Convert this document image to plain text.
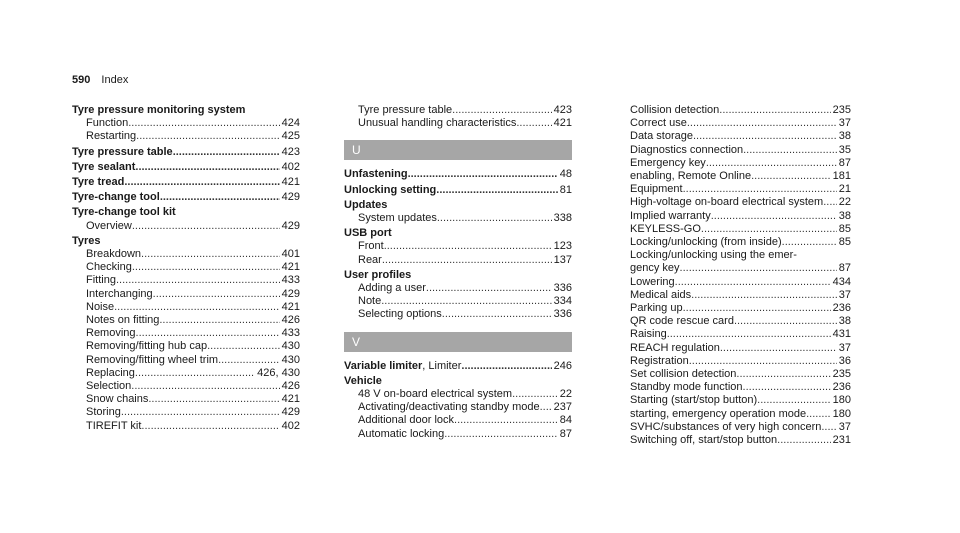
590 Index
Tyre pressure monitoring system
Function .....	424
Restarting .....	425
Tyre pressure table .....	423
Tyre sealant .....	402
Tyre tread .....	421
Tyre-change tool .....	429
Tyre-change tool kit
Overview .....	429
Tyres
Breakdown .....	401
Checking .....	421
Fitting .....	433
Interchanging .....	429
Noise .....	421
Notes on fitting .....	426
Removing .....	433
Removing/fitting hub cap .....	430
Removing/fitting wheel trim .....	430
Replacing .....	426, 430
Selection .....	426
Snow chains .....	421
Storing .....	429
TIREFIT kit .....	402
Tyre pressure table .....	423
Unusual handling characteristics .....	421
U
Unfastening .....	48
Unlocking setting .....	81
Updates
System updates .....	338
USB port
Front .....	123
Rear .....	137
User profiles
Adding a user .....	336
Note .....	334
Selecting options .....	336
V
Variable limiter , Limiter .....	246
Vehicle
48 V on-board electrical system .....	22
Activating/deactivating standby mode ..... 237
Additional door lock .....	84
Automatic locking .....	87
Collision detection .....	235
Correct use .....	37
Data storage .....	38
Diagnostics connection .....	35
Emergency key .....	87
enabling, Remote Online .....	181
Equipment .....	21
High-voltage on-board electrical system ..... 22
Implied warranty .....	38
KEYLESS-GO .....	85
Locking/unlocking (from inside) .....	85
Locking/unlocking using the emer-
gency key .....	87
Lowering .....	434
Medical aids .....	37
Parking up .....	236
QR code rescue card .....	38
Raising .....	431
REACH regulation .....	37
Registration .....	36
Set collision detection .....	235
Standby mode function .....	236
Starting (start/stop button) .....	180
starting, emergency operation mode ..... 180
SVHC/substances of very high concern ..... 37
Switching off, start/stop button .....	231
